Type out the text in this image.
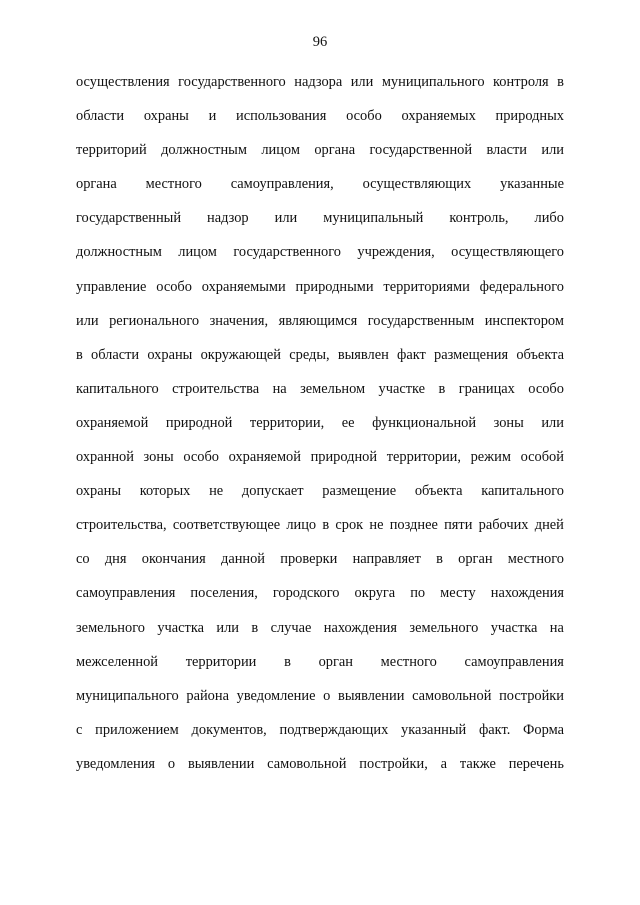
96
осуществления государственного надзора или муниципального контроля в
области охраны и использования особо охраняемых природных
территорий должностным лицом органа государственной власти или
органа местного самоуправления, осуществляющих указанные
государственный надзор или муниципальный контроль, либо
должностным лицом государственного учреждения, осуществляющего
управление особо охраняемыми природными территориями федерального
или регионального значения, являющимся государственным инспектором
в области охраны окружающей среды, выявлен факт размещения объекта
капитального строительства на земельном участке в границах особо
охраняемой природной территории, ее функциональной зоны или
охранной зоны особо охраняемой природной территории, режим особой
охраны которых не допускает размещение объекта капитального
строительства, соответствующее лицо в срок не позднее пяти рабочих дней
со дня окончания данной проверки направляет в орган местного
самоуправления поселения, городского округа по месту нахождения
земельного участка или в случае нахождения земельного участка на
межселенной территории в орган местного самоуправления
муниципального района уведомление о выявлении самовольной постройки
с приложением документов, подтверждающих указанный факт. Форма
уведомления о выявлении самовольной постройки, а также перечень
